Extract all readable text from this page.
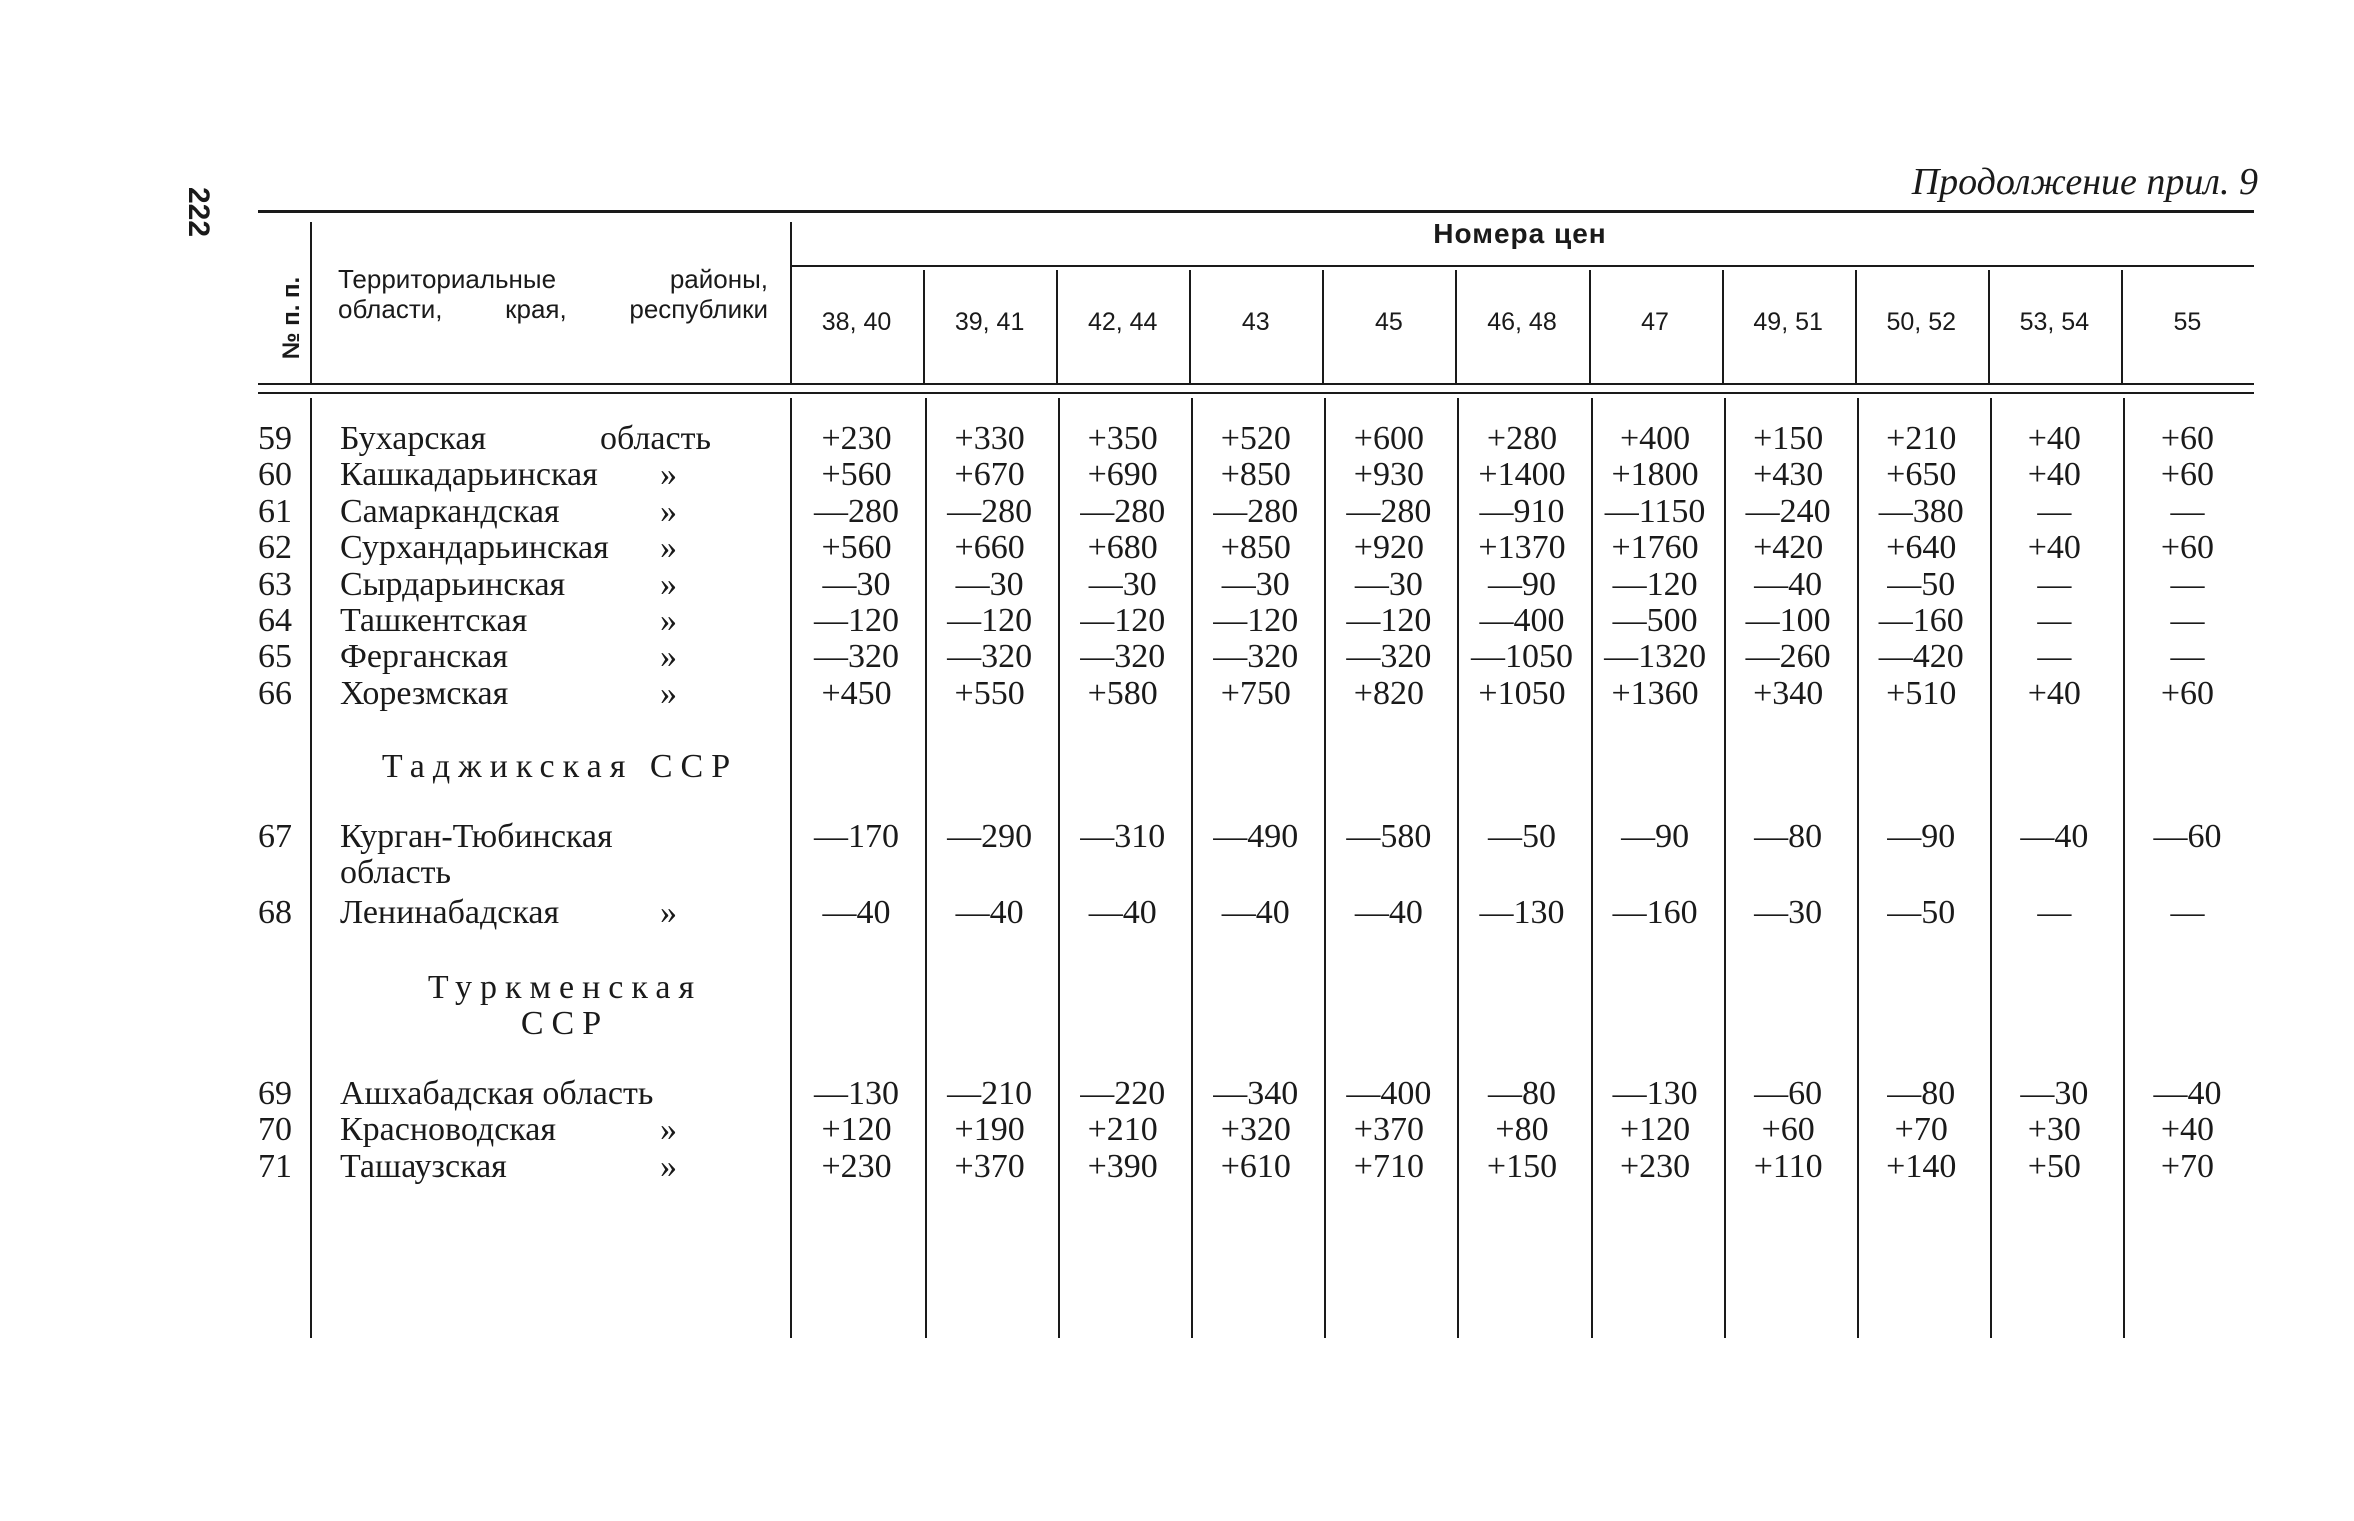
222
Продолжение прил. 9
№ п. п. Территориальные районы, области, края, республики
Номера цен
38, 40	39, 41	42, 44	43	45	46, 48	47	49, 51	50, 52	53, 54	55
59 Бухарская	область	+230	+330	+350	+520	+600	+280	+400	+150	+210	+40	+60
60 Кашкадарьинская	»	+560	+670	+690	+850	+930	+1400	+1800	+430	+650	+40	+60
61 Самаркандская	»	—280	—280	—280	—280	—280	—910	—1150	—240	—380	—	—
62 Сурхандарьинская	»	+560	+660	+680	+850	+920	+1370	+1760	+420	+640	+40	+60
63 Сырдарьинская	»	—30	—30	—30	—30	—30	—90	—120	—40	—50	—	—
64 Ташкентская	»	—120	—120	—120	—120	—120	—400	—500	—100	—160	—	—
65 Ферганская	»	—320	—320	—320	—320	—320	—1050 —1320	—260	—420	—	—
66 Хорезмская	»	+450	+550	+580	+750	+820	+1050	+1360	+340	+510	+40	+60
Таджикская ССР
67 Курган-Тюбинская
область
—170	—290	—310	—490	—580	—50	—90	—80	—90	—40	—60
68 Ленинабадская	»	—40	—40	—40	—40	—40	—130	—160	—30	—50	—	—
Туркменская ССР
69 Ашхабадская область	—130	—210	—220	—340	—400	—80	—130	—60	—80	—30	—40
70 Красноводская	»	+120	+190	+210	+320	+370	+80	+120	+60	+70	+30	+40
71 Ташаузская	»	+230	+370	+390	+610	+710	+150	+230	+110	+140	+50	+70
